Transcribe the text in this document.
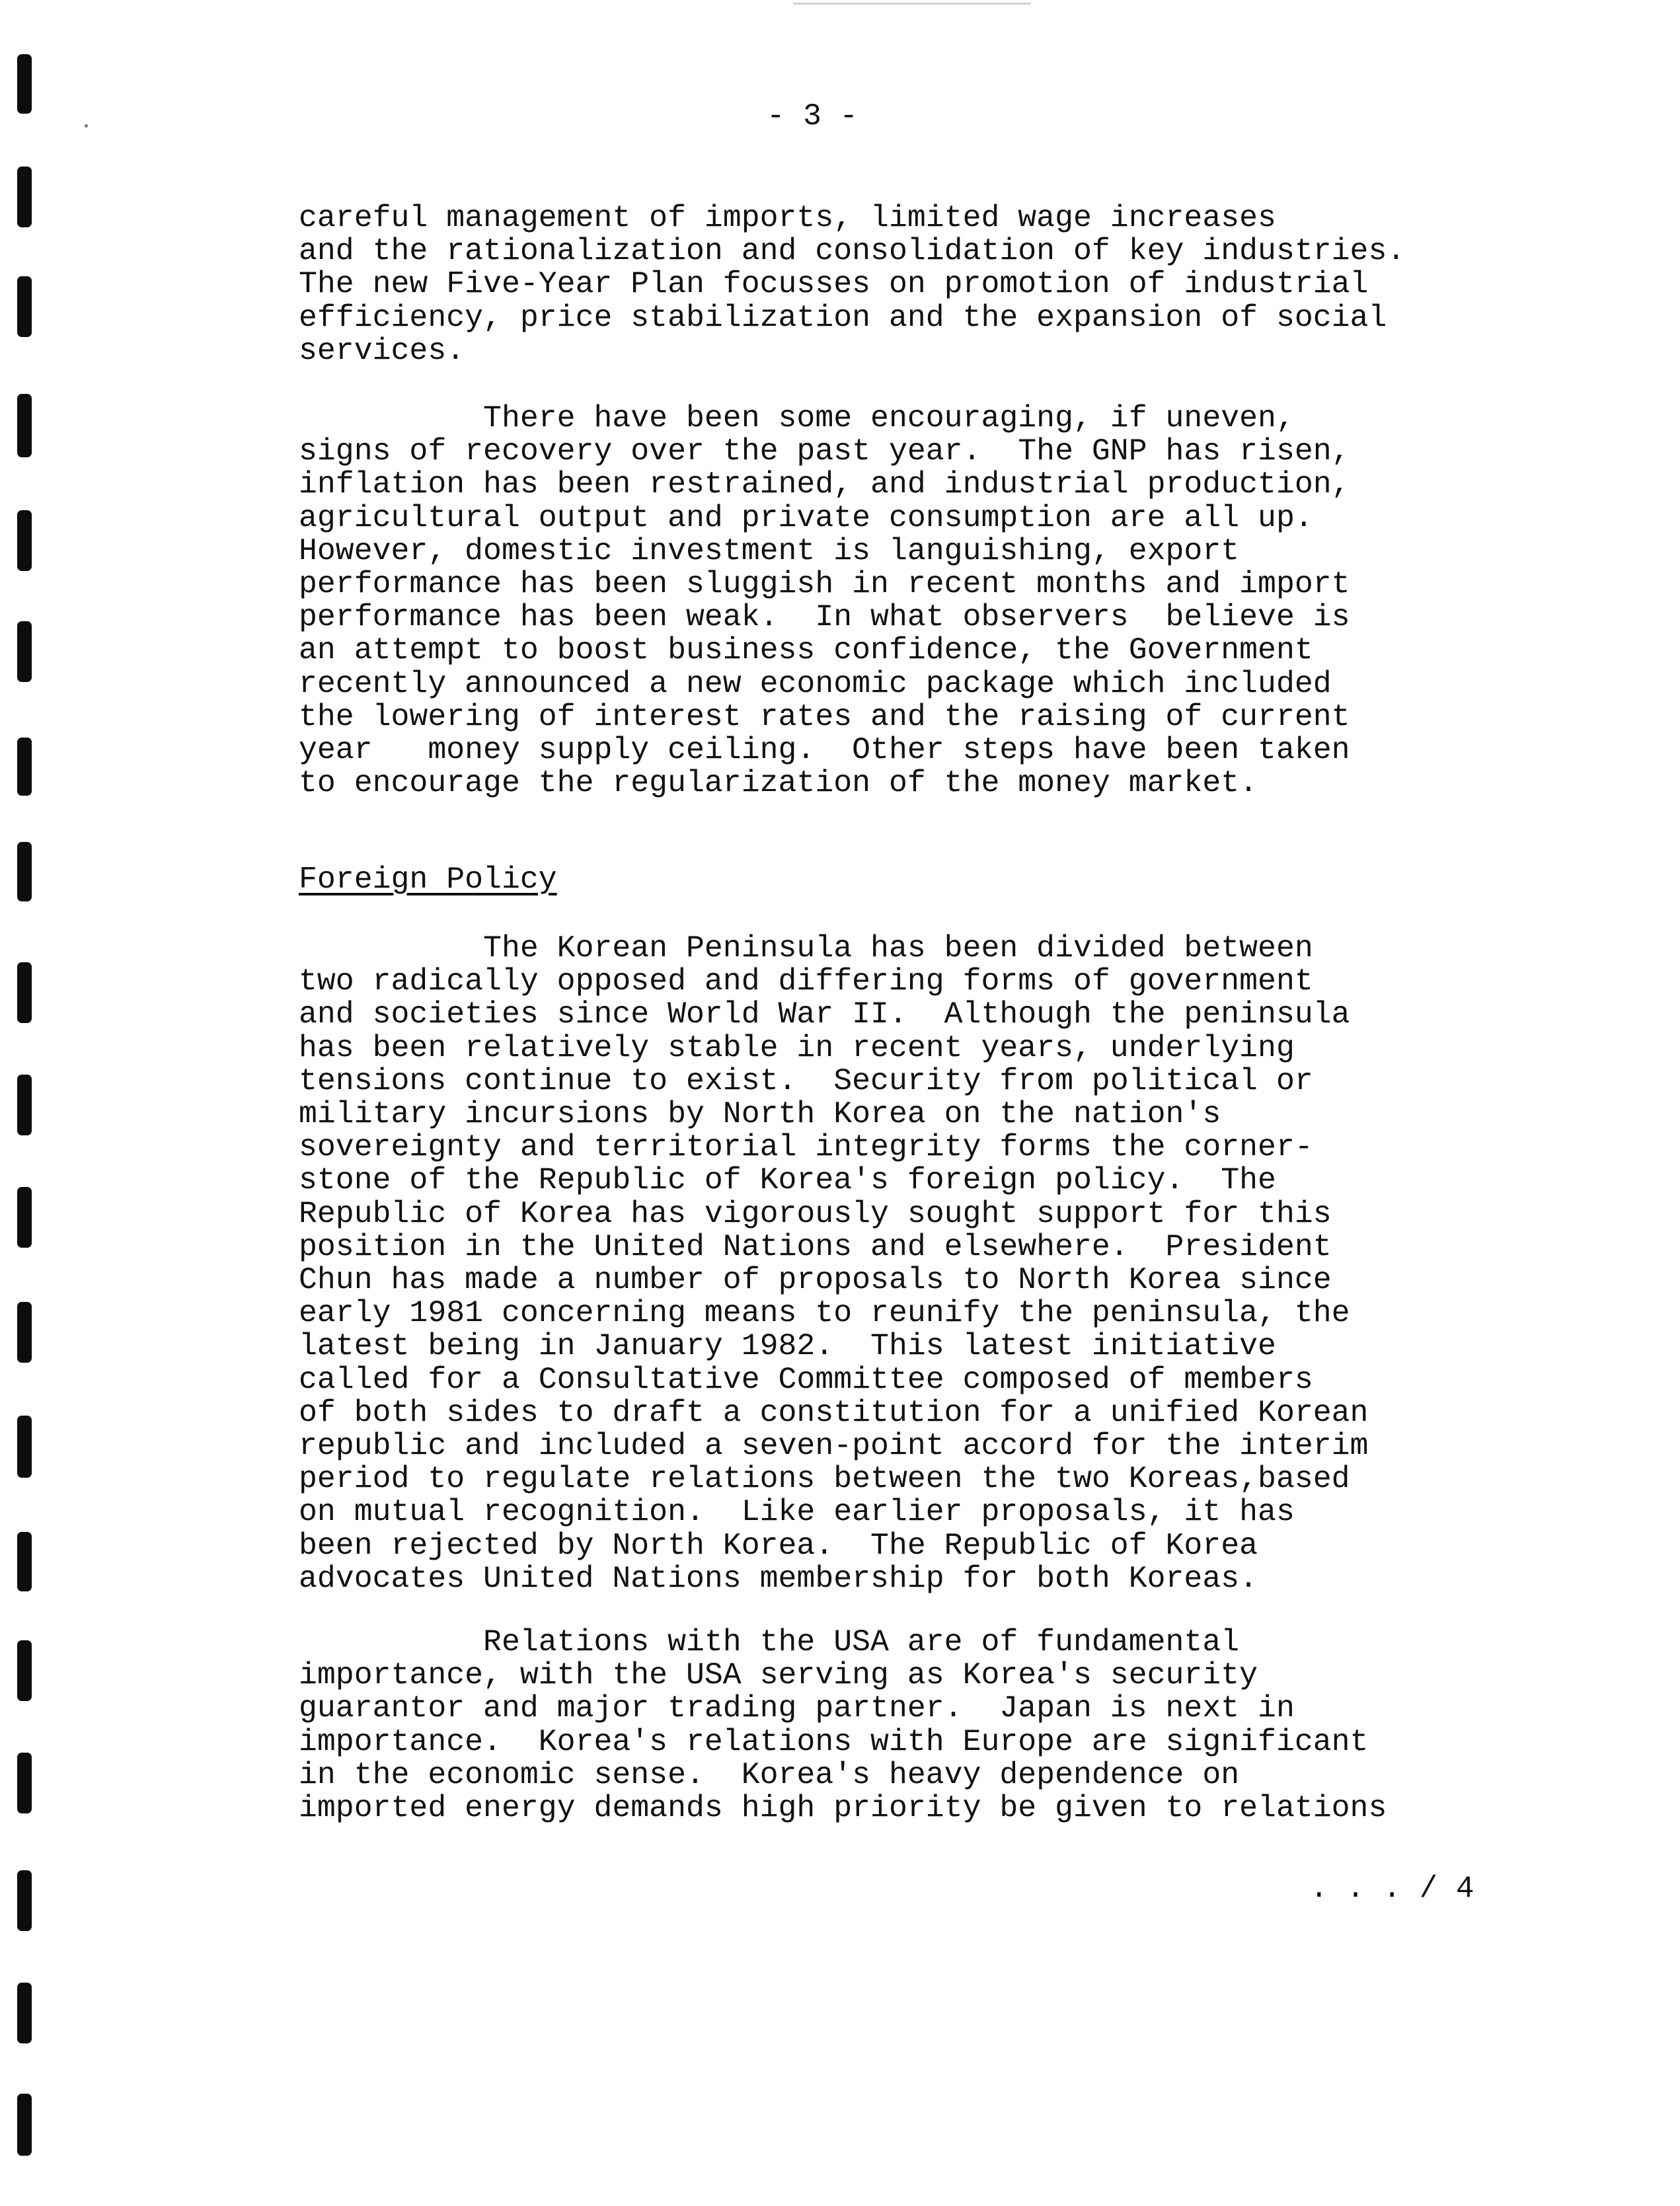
- 3 -
careful management of imports, limited wage increases
and the rationalization and consolidation of key industries.
The new Five-Year Plan focusses on promotion of industrial
efficiency, price stabilization and the expansion of social
services.
There have been some encouraging, if uneven,
signs of recovery over the past year.  The GNP has risen,
inflation has been restrained, and industrial production,
agricultural output and private consumption are all up.
However, domestic investment is languishing, export
performance has been sluggish in recent months and import
performance has been weak.  In what observers  believe is
an attempt to boost business confidence, the Government
recently announced a new economic package which included
the lowering of interest rates and the raising of current
year   money supply ceiling.  Other steps have been taken
to encourage the regularization of the money market.
Foreign Policy
The Korean Peninsula has been divided between
two radically opposed and differing forms of government
and societies since World War II.  Although the peninsula
has been relatively stable in recent years, underlying
tensions continue to exist.  Security from political or
military incursions by North Korea on the nation's
sovereignty and territorial integrity forms the corner-
stone of the Republic of Korea's foreign policy.  The
Republic of Korea has vigorously sought support for this
position in the United Nations and elsewhere.  President
Chun has made a number of proposals to North Korea since
early 1981 concerning means to reunify the peninsula, the
latest being in January 1982.  This latest initiative
called for a Consultative Committee composed of members
of both sides to draft a constitution for a unified Korean
republic and included a seven-point accord for the interim
period to regulate relations between the two Koreas,based
on mutual recognition.  Like earlier proposals, it has
been rejected by North Korea.  The Republic of Korea
advocates United Nations membership for both Koreas.
Relations with the USA are of fundamental
importance, with the USA serving as Korea's security
guarantor and major trading partner.  Japan is next in
importance.  Korea's relations with Europe are significant
in the economic sense.  Korea's heavy dependence on
imported energy demands high priority be given to relations
. . . / 4
